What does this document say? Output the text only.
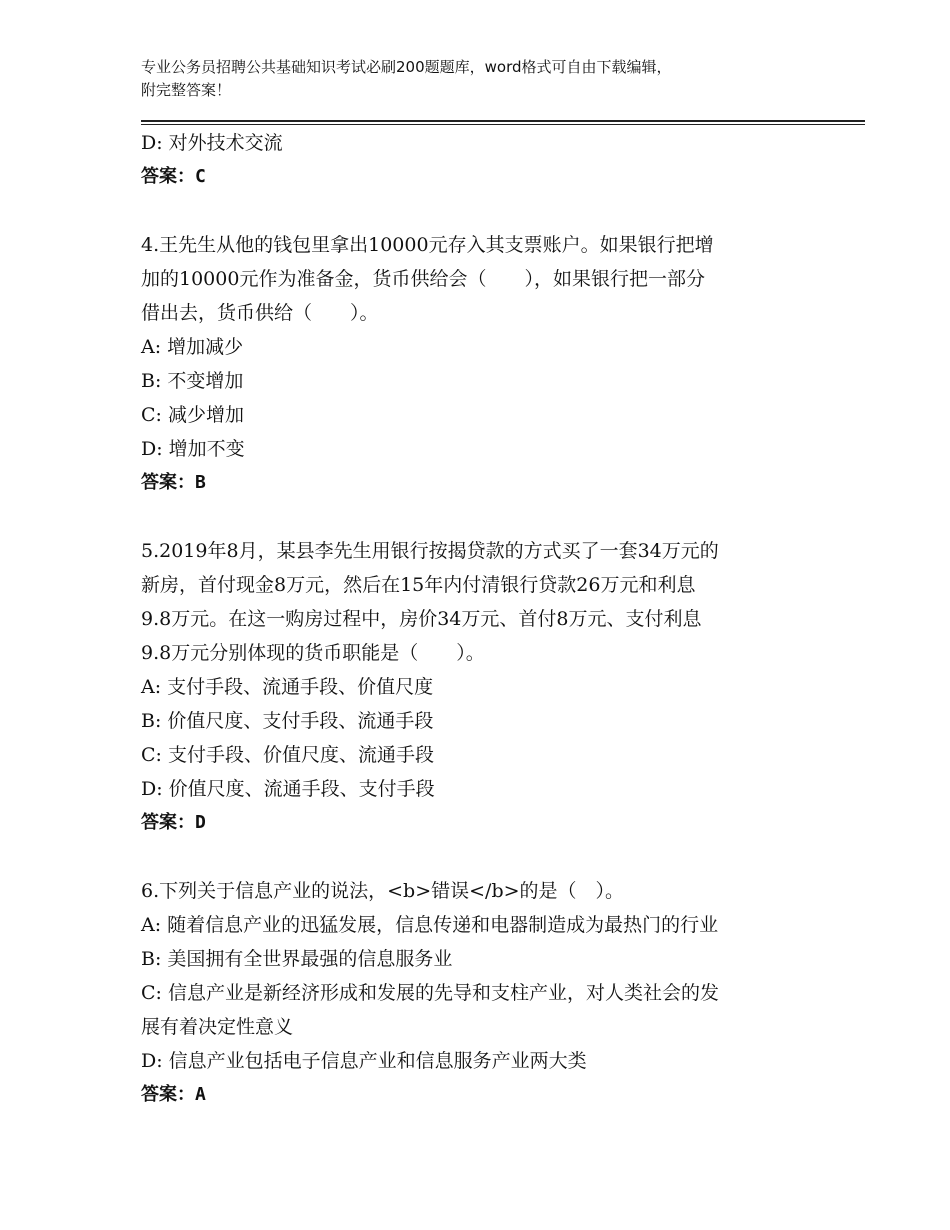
专业公务员招聘公共基础知识考试必刷200题题库，word格式可自由下载编辑，
附完整答案！

D: 对外技术交流

答案：C

4.王先生从他的钱包里拿出10000元存入其支票账户。如果银行把增

加的10000元作为准备金，货币供给会（　　），如果银行把一部分

借出去，货币供给（　　）。

A: 增加减少

B: 不变增加

C: 减少增加

D: 增加不变

答案：B

5.2019年8月，某县李先生用银行按揭贷款的方式买了一套34万元的

新房，首付现金8万元，然后在15年内付清银行贷款26万元和利息

9.8万元。在这一购房过程中，房价34万元、首付8万元、支付利息

9.8万元分别体现的货币职能是（　　）。

A: 支付手段、流通手段、价值尺度

B: 价值尺度、支付手段、流通手段

C: 支付手段、价值尺度、流通手段

D: 价值尺度、流通手段、支付手段

答案：D

6.下列关于信息产业的说法，<b>错误</b>的是（　）。

A: 随着信息产业的迅猛发展，信息传递和电器制造成为最热门的行业

B: 美国拥有全世界最强的信息服务业

C: 信息产业是新经济形成和发展的先导和支柱产业，对人类社会的发
展有着决定性意义

D: 信息产业包括电子信息产业和信息服务产业两大类

答案：A
